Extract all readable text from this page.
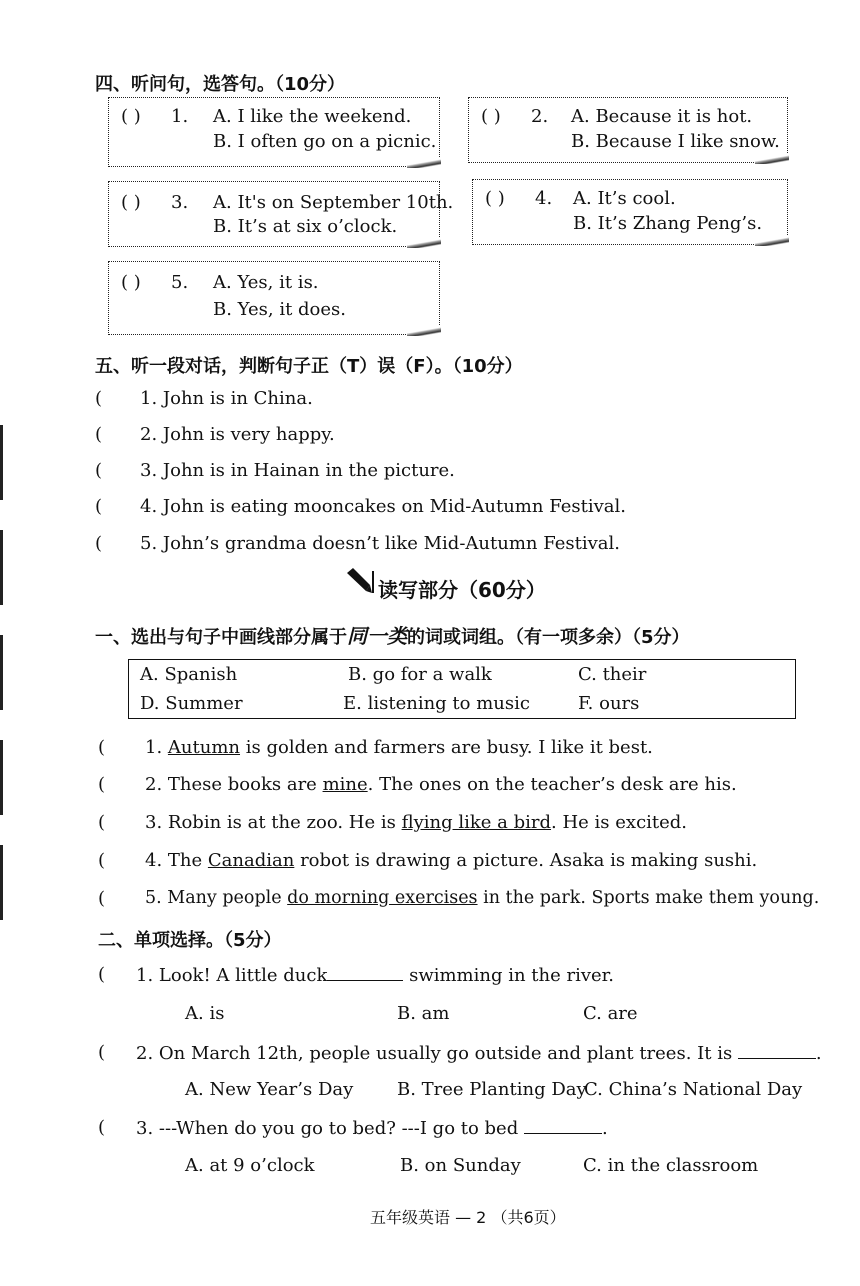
四、听问句，选答句。（10分）
( ) 1. A. I like the weekend.
B. I often go on a picnic.
( ) 2. A. Because it is hot.
B. Because I like snow.
( ) 3. A. It's on September 10th.
B. It’s at six o’clock.
( ) 4. A. It’s cool.
B. It’s Zhang Peng’s.
( ) 5. A. Yes, it is.
B. Yes, it does.
五、听一段对话，判断句子正（T）误（F）。（10分）
( 1. John is in China.
( 2. John is very happy.
( 3. John is in Hainan in the picture.
( 4. John is eating mooncakes on Mid-Autumn Festival.
( 5. John’s grandma doesn’t like Mid-Autumn Festival.
读写部分（60分）
一、选出与句子中画线部分属于同一类的词或词组。（有一项多余）（5分）
A. Spanish	B. go for a walk	C. their
D. Summer	E. listening to music	F. ours
( 1. Autumn is golden and farmers are busy. I like it best.
( 2. These books are mine. The ones on the teacher’s desk are his.
( 3. Robin is at the zoo. He is flying like a bird. He is excited.
( 4. The Canadian robot is drawing a picture. Asaka is making sushi.
( 5. Many people do morning exercises in the park. Sports make them young.
二、单项选择。（5分）
( 1. Look! A little duck	swimming in the river.
A. is	B. am	C. are
( 2. On March 12th, people usually go outside and plant trees. It is	.
A. New Year’s Day B. Tree Planting Day
C. China’s National Day
( 3. ---When do you go to bed? ---I go to bed	.
A. at 9 o’clock	B. on Sunday	C. in the classroom
五年级英语 — 2 （共6页）
